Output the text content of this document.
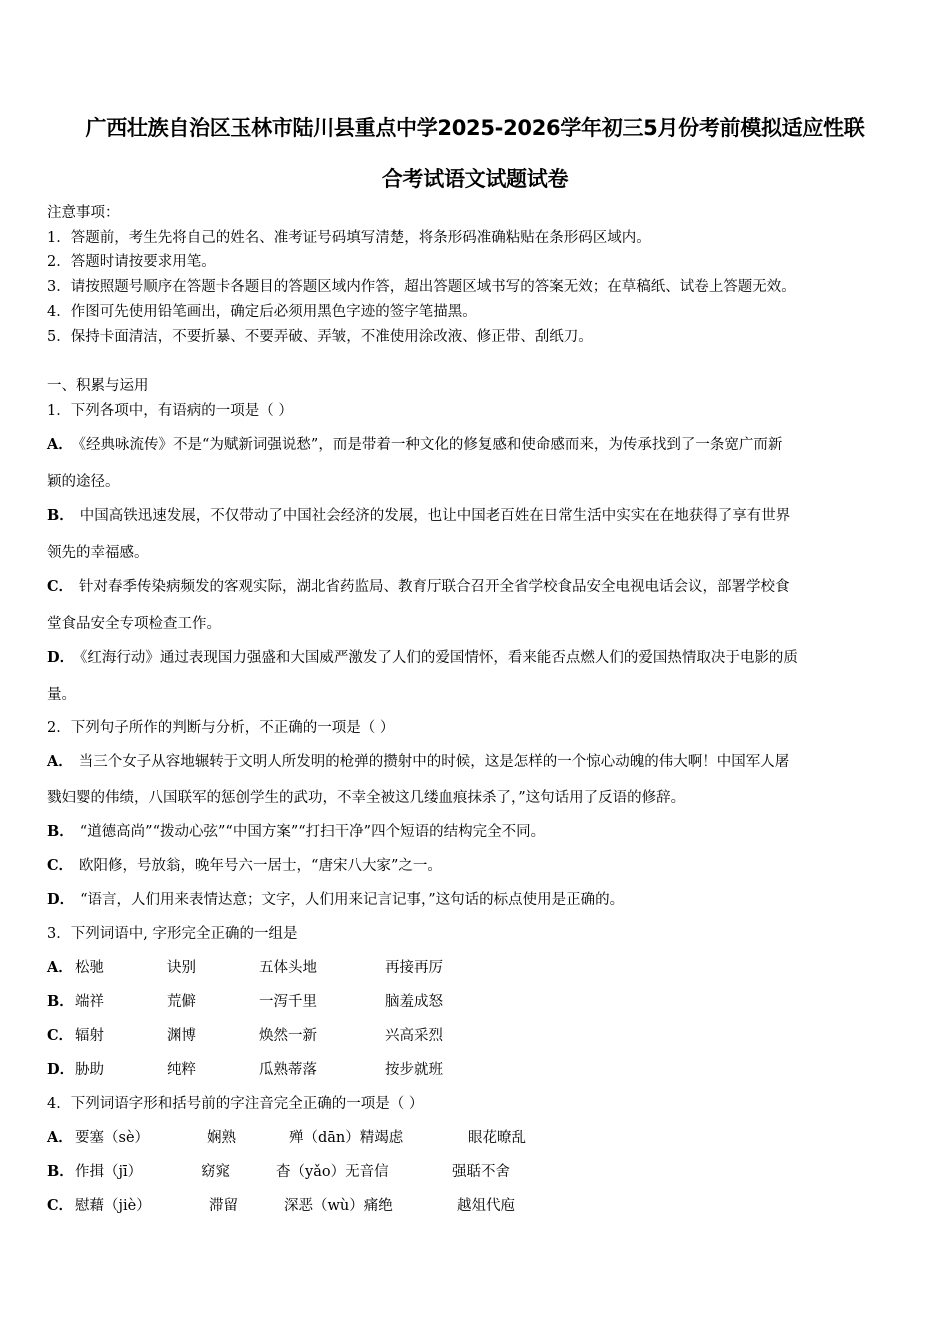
广西壮族自治区玉林市陆川县重点中学2025-2026学年初三5月份考前模拟适应性联
合考试语文试题试卷
注意事项：
1．答题前，考生先将自己的姓名、准考证号码填写清楚，将条形码准确粘贴在条形码区域内。
2．答题时请按要求用笔。
3．请按照题号顺序在答题卡各题目的答题区域内作答，超出答题区域书写的答案无效；在草稿纸、试卷上答题无效。
4．作图可先使用铅笔画出，确定后必须用黑色字迹的签字笔描黑。
5．保持卡面清洁，不要折暴、不要弄破、弄皱，不准使用涂改液、修正带、刮纸刀。
一、积累与运用
1．下列各项中，有语病的一项是（ ）
A． 《经典咏流传》不是“为赋新词强说愁”，而是带着一种文化的修复感和使命感而来，为传承找到了一条宽广而新
颖的途径。
B． 中国高铁迅速发展，不仅带动了中国社会经济的发展，也让中国老百姓在日常生活中实实在在地获得了享有世界
领先的幸福感。
C． 针对春季传染病频发的客观实际，湖北省药监局、教育厅联合召开全省学校食品安全电视电话会议，部署学校食
堂食品安全专项检查工作。
D． 《红海行动》通过表现国力强盛和大国威严激发了人们的爱国情怀，看来能否点燃人们的爱国热情取决于电影的质
量。
2．下列句子所作的判断与分析，不正确的一项是（ ）
A． 当三个女子从容地辗转于文明人所发明的枪弹的攒射中的时候，这是怎样的一个惊心动魄的伟大啊！中国军人屠
戮妇婴的伟绩，八国联军的惩创学生的武功，不幸全被这几缕血痕抹杀了，”这句话用了反语的修辞。
B． “道德高尚”“拨动心弦”“中国方案”“打扫干净”四个短语的结构完全不同。
C． 欧阳修，号放翁，晚年号六一居士，“唐宋八大家”之一。
D． “语言，人们用来表情达意；文字，人们用来记言记事，”这句话的标点使用是正确的。
3．下列词语中, 字形完全正确的一组是
A． 松驰	诀别	五体头地	再接再厉
B． 端祥	荒僻	一泻千里	脑羞成怒
C． 辐射	渊博	焕然一新	兴高采烈
D． 胁助	纯粹	瓜熟蒂落	按步就班
4．下列词语字形和括号前的字注音完全正确的一项是（ ）
A． 要塞（sè）	娴熟	殚（dān）精竭虑	眼花暸乱
B． 作揖（jī）	窈窕	杳（yǎo）无音信	强聒不舍
C． 慰藉（jiè）	滞留	深恶（wù）痛绝	越俎代庖
